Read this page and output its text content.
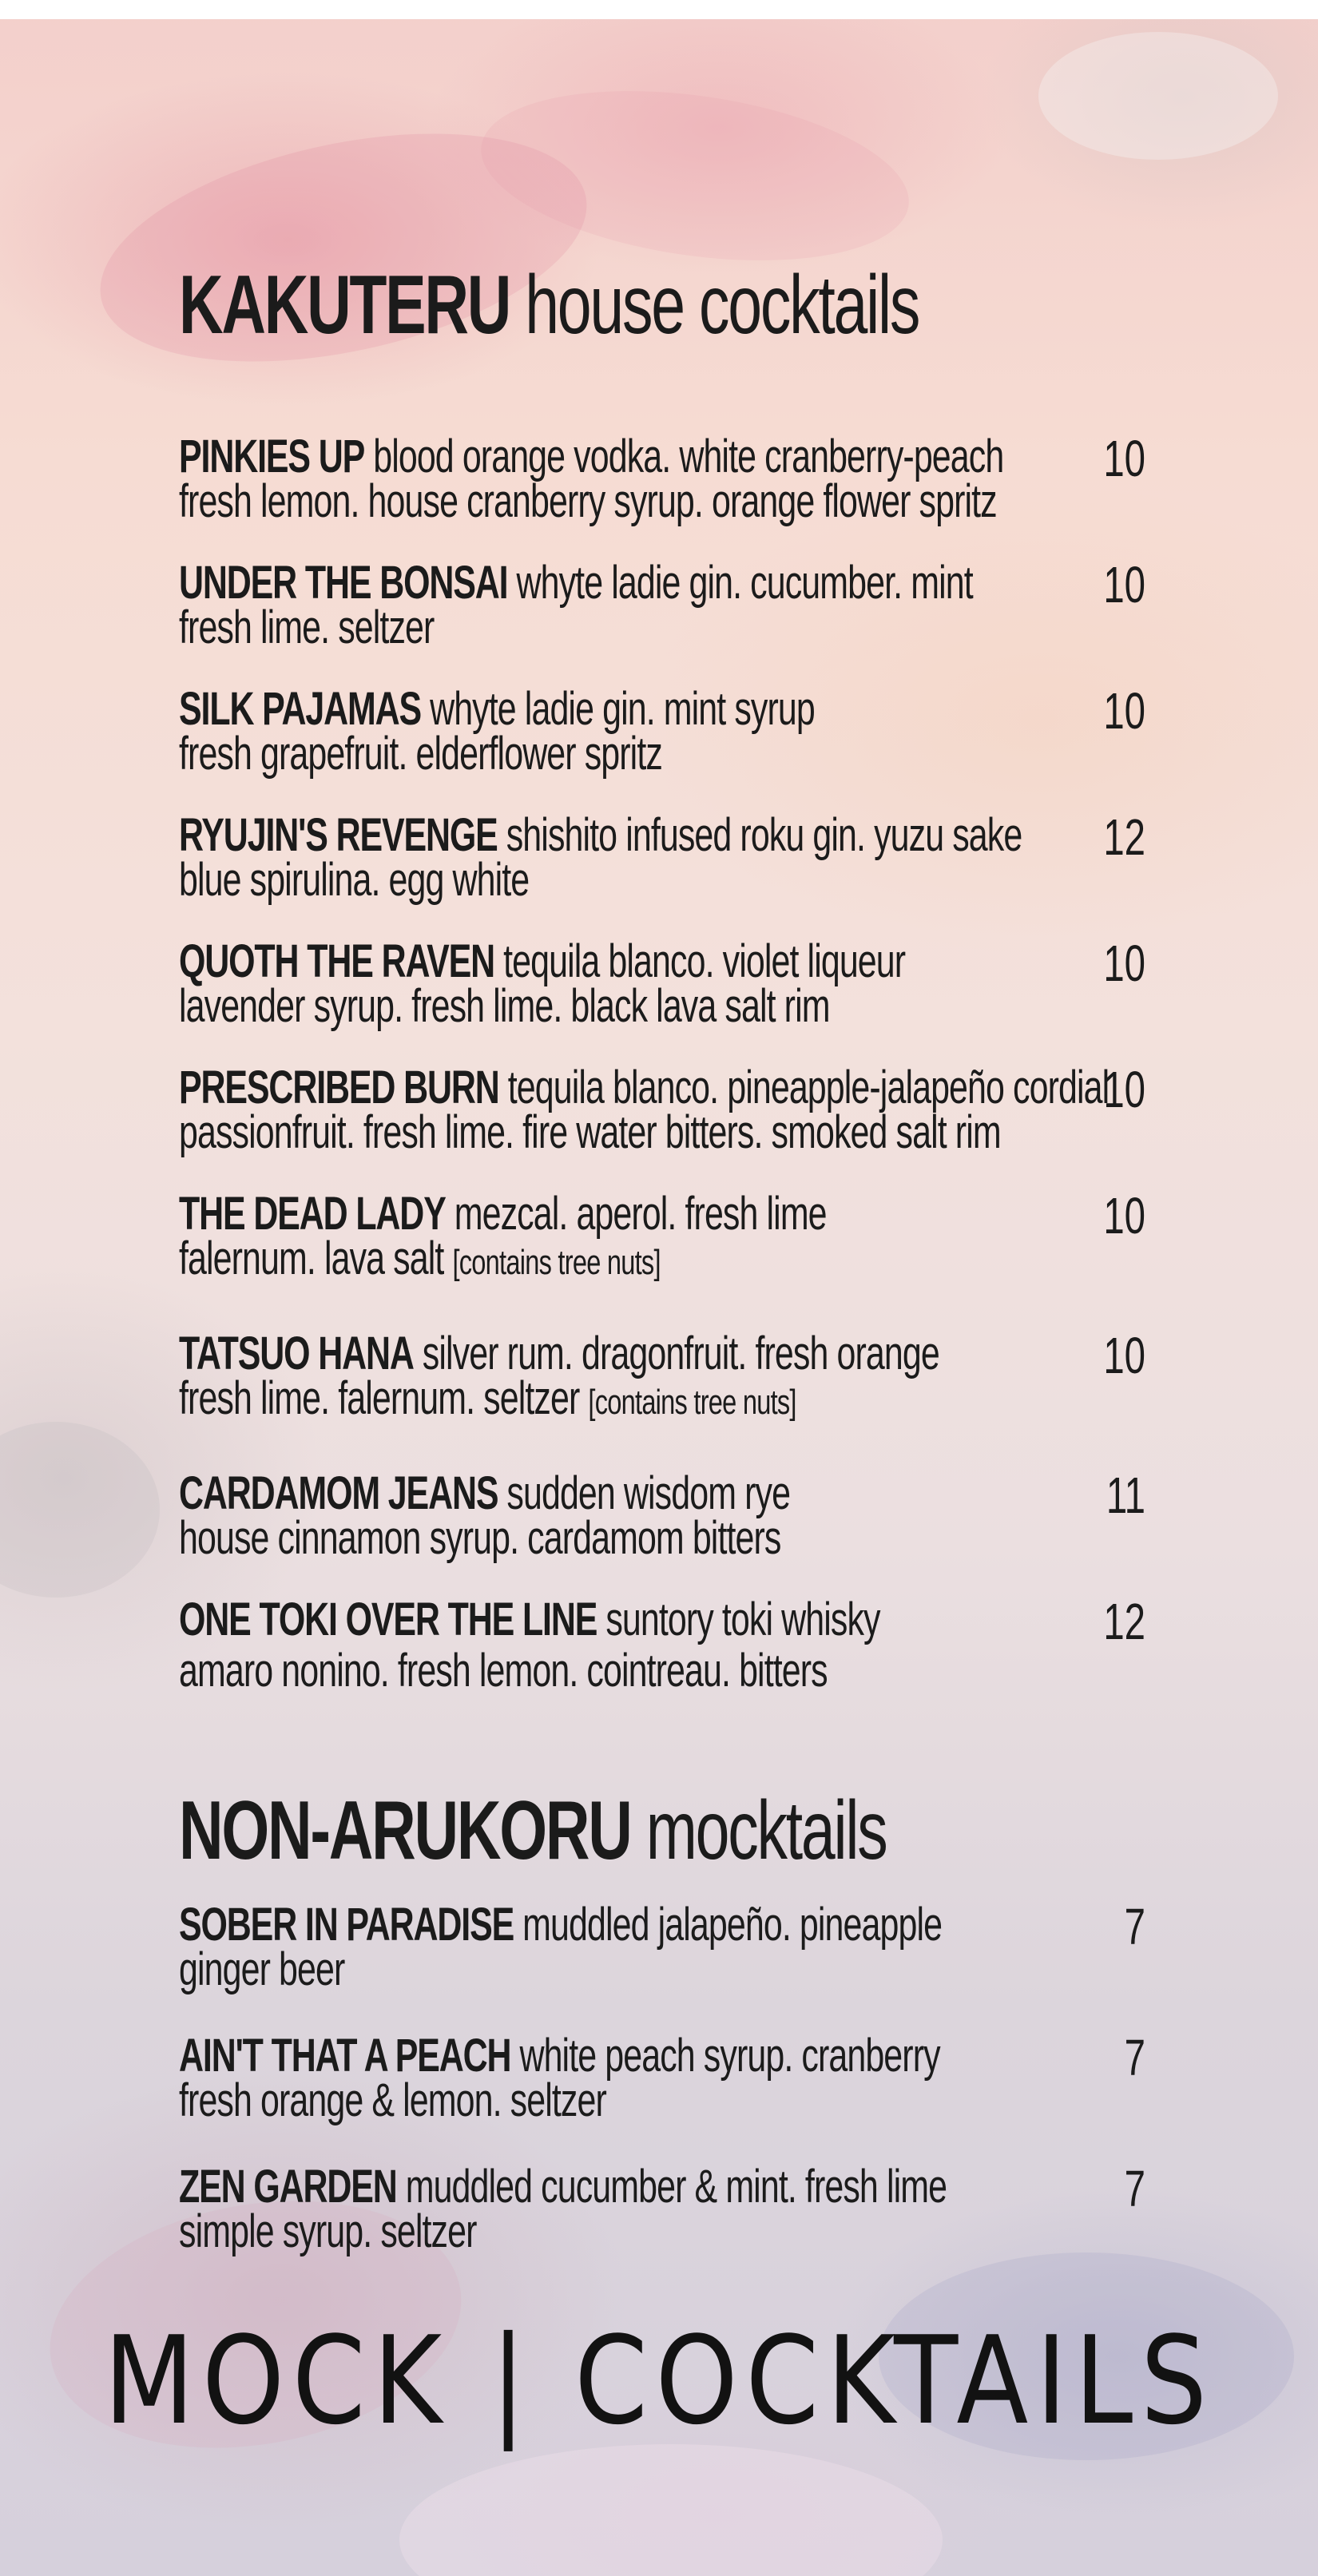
KAKUTERU house cocktails
PINKIES UP blood orange vodka. white cranberry-peach
fresh lemon. house cranberry syrup. orange flower spritz
10
UNDER THE BONSAI whyte ladie gin. cucumber. mint
fresh lime. seltzer
10
SILK PAJAMAS whyte ladie gin. mint syrup
fresh grapefruit. elderflower spritz
10
RYUJIN'S REVENGE shishito infused roku gin. yuzu sake
blue spirulina. egg white
12
QUOTH THE RAVEN tequila blanco. violet liqueur
lavender syrup. fresh lime. black lava salt rim
10
PRESCRIBED BURN tequila blanco. pineapple-jalapeño cordial
passionfruit. fresh lime. fire water bitters. smoked salt rim
10
THE DEAD LADY mezcal. aperol. fresh lime
falernum. lava salt [contains tree nuts]
10
TATSUO HANA silver rum. dragonfruit. fresh orange
fresh lime. falernum. seltzer [contains tree nuts]
10
CARDAMOM JEANS sudden wisdom rye
house cinnamon syrup. cardamom bitters
11
ONE TOKI OVER THE LINE suntory toki whisky
amaro nonino. fresh lemon. cointreau. bitters
12
NON-ARUKORU mocktails
SOBER IN PARADISE muddled jalapeño. pineapple
ginger beer
7
AIN'T THAT A PEACH white peach syrup. cranberry
fresh orange & lemon. seltzer
7
ZEN GARDEN muddled cucumber & mint. fresh lime
simple syrup. seltzer
7
MOCK | COCKTAILS
